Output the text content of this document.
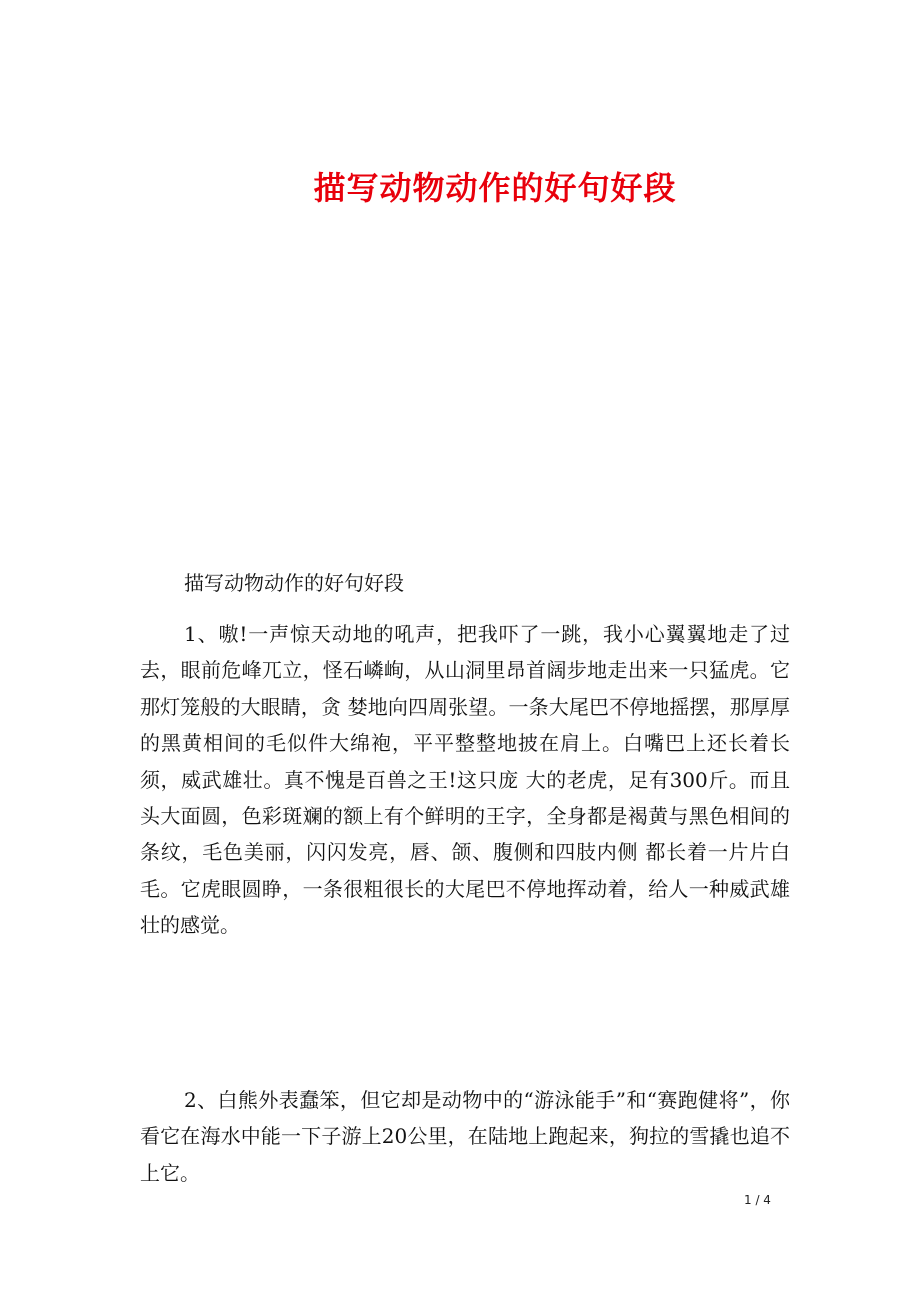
描写动物动作的好句好段

描写动物动作的好句好段

1、嗷!一声惊天动地的吼声，把我吓了一跳，我小心翼翼地走了过去，眼前危峰兀立，怪石嶙峋，从山洞里昂首阔步地走出来一只猛虎。它那灯笼般的大眼睛，贪 婪地向四周张望。一条大尾巴不停地摇摆，那厚厚的黑黄相间的毛似件大绵袍，平平整整地披在肩上。白嘴巴上还长着长须，威武雄壮。真不愧是百兽之王!这只庞 大的老虎，足有300斤。而且头大面圆，色彩斑斓的额上有个鲜明的王字，全身都是褐黄与黑色相间的条纹，毛色美丽，闪闪发亮，唇、颌、腹侧和四肢内侧 都长着一片片白毛。它虎眼圆睁，一条很粗很长的大尾巴不停地挥动着，给人一种威武雄壮的感觉。

2、白熊外表蠢笨，但它却是动物中的“游泳能手”和“赛跑健将”，你看它在海水中能一下子游上20公里，在陆地上跑起来，狗拉的雪撬也追不上它。

1 / 4
